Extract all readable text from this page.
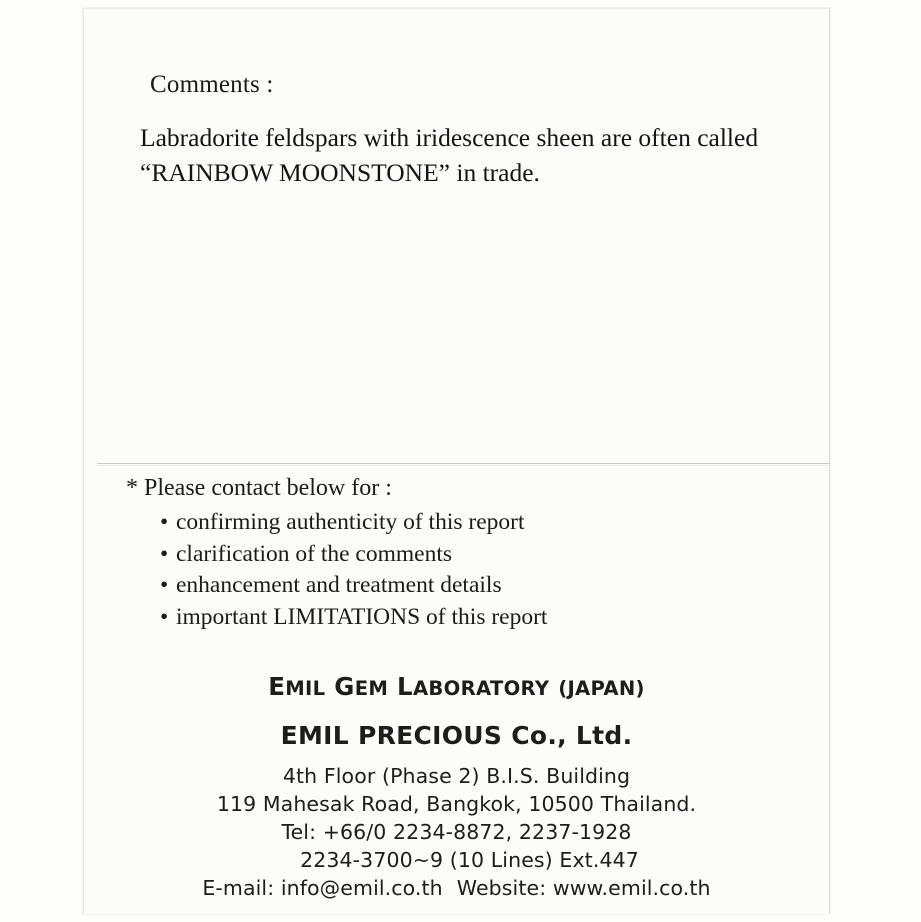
Comments :
Labradorite feldspars with iridescence sheen are often called “RAINBOW MOONSTONE” in trade.
* Please contact below for :
• confirming authenticity of this report
• clarification of the comments
• enhancement and treatment details
• important LIMITATIONS of this report
EMIL GEM LABORATORY (JAPAN)
EMIL PRECIOUS Co., Ltd.
4th Floor (Phase 2) B.I.S. Building
119 Mahesak Road, Bangkok, 10500 Thailand.
Tel: +66/0 2234-8872, 2237-1928
2234-3700~9 (10 Lines) Ext.447
E-mail: info@emil.co.th Website: www.emil.co.th
